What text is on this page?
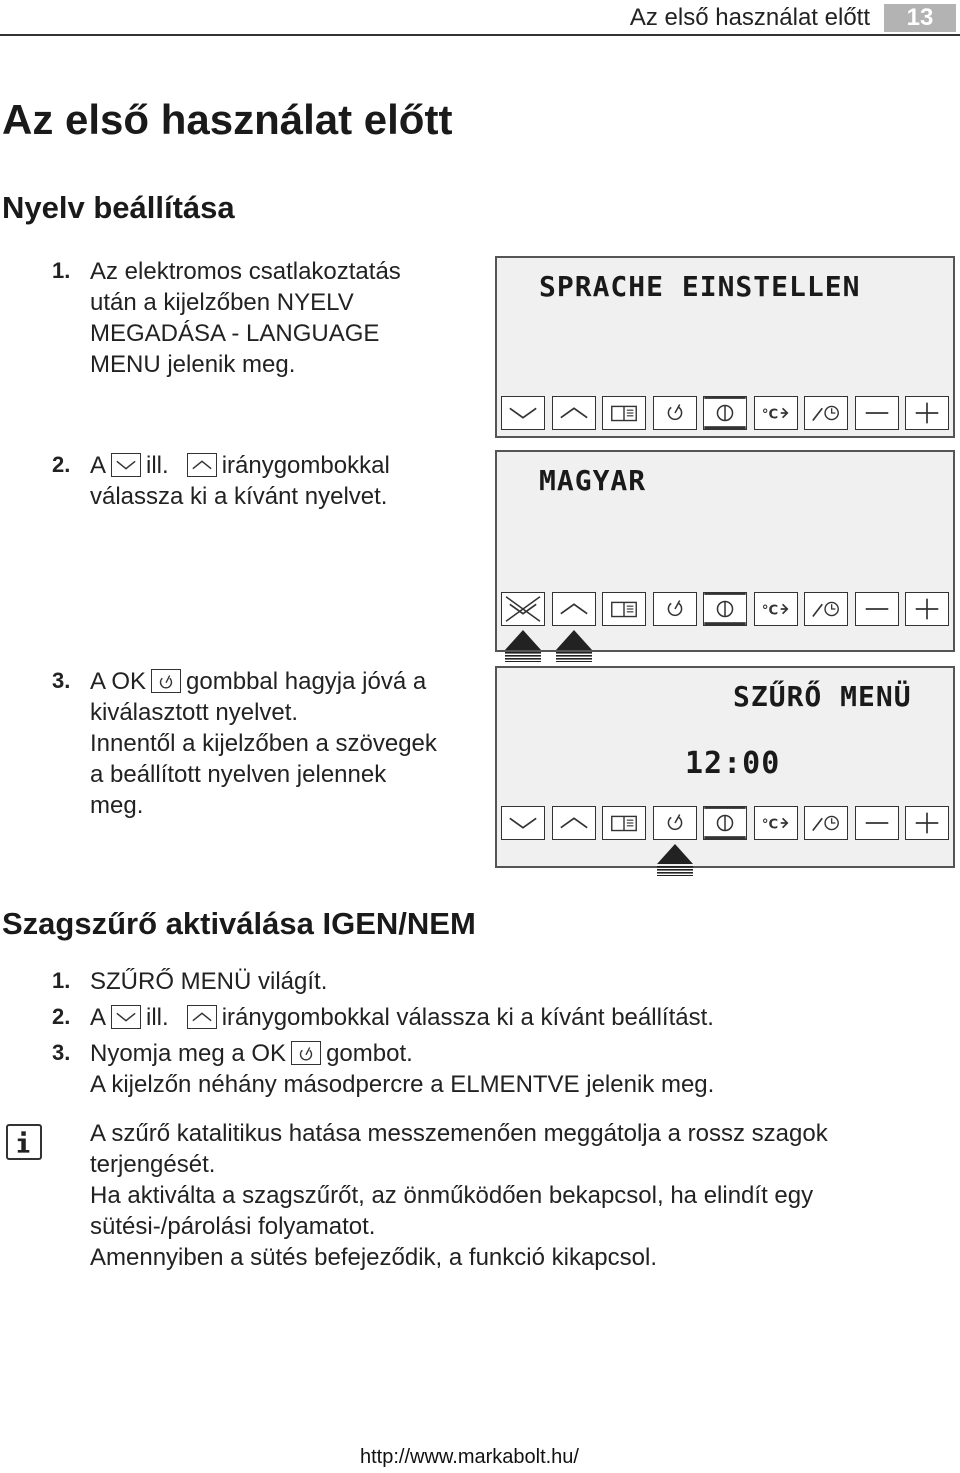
Az első használat előtt	13
Az első használat előtt
Nyelv beállítása
1. Az elektromos csatlakoztatás
után a kijelzőben NYELV
MEGADÁSA - LANGUAGE
MENU jelenik meg.
2. A ill. iránygombokkal
válassza ki a kívánt nyelvet.
3. A OK gombbal hagyja jóvá a
kiválasztott nyelvet.
Innentől a kijelzőben a szövegek
a beállított nyelven jelennek
meg.
SPRACHE EINSTELLEN
°C
MAGYAR
°C
SZŰRŐ MENÜ
12:00
°C
Szagszűrő aktiválása IGEN/NEM
1. SZŰRŐ MENÜ világít.
2. A ill. iránygombokkal válassza ki a kívánt beállítást.
3. Nyomja meg a OK gombot.
A kijelzőn néhány másodpercre a ELMENTVE jelenik meg.
A szűrő katalitikus hatása messzemenően meggátolja a rossz szagok
terjengését.
Ha aktiválta a szagszűrőt, az önműködően bekapcsol, ha elindít egy
sütési-/párolási folyamatot.
Amennyiben a sütés befejeződik, a funkció kikapcsol.
http://www.markabolt.hu/
